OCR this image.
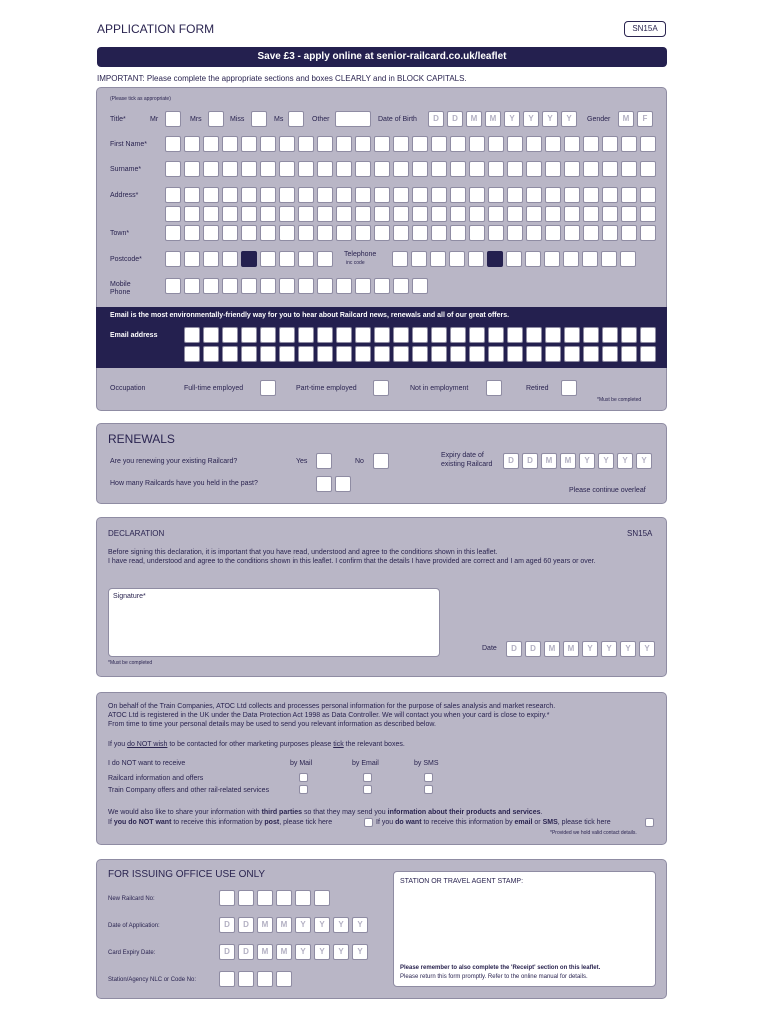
APPLICATION FORM	SN15A
Save £3 - apply online at senior-railcard.co.uk/leaflet
IMPORTANT: Please complete the appropriate sections and boxes CLEARLY and in BLOCK CAPITALS.
(Please tick as appropriate)
Title*	Mr	Mrs	Miss	Ms	Other	Date of Birth	D	D	M	M	Y	Y	Y	Y	Gender	M	F
First Name*
Surname*
Address*
Town*
Postcode*
Telephone
inc code
Mobile
Phone
Email is the most environmentally-friendly way for you to hear about Railcard news, renewals and all of our great offers.
Email address
Occupation	Full-time employed	Part-time employed	Not in employment	Retired
*Must be completed
RENEWALS
Are you renewing your existing Railcard?	Yes	No
Expiry date of
existing Railcard	D	D	M	M	Y	Y	Y	Y
How many Railcards have you held in the past?
Please continue overleaf
DECLARATION	SN15A
Before signing this declaration, it is important that you have read, understood and agree to the conditions shown in this leaflet.
I have read, understood and agree to the conditions shown in this leaflet. I confirm that the details I have provided are correct and I am aged 60 years or over.
Signature*
Date	D	D	M	M	Y	Y	Y	Y
*Must be completed
On behalf of the Train Companies, ATOC Ltd collects and processes personal information for the purpose of sales analysis and market research.
ATOC Ltd is registered in the UK under the Data Protection Act 1998 as Data Controller. We will contact you when your card is close to expiry.*
From time to time your personal details may be used to send you relevant information as described below.
If you do NOT wish to be contacted for other marketing purposes please tick the relevant boxes.
I do NOT want to receive	by Mail	by Email	by SMS
Railcard information and offers
Train Company offers and other rail-related services
We would also like to share your information with third parties so that they may send you information about their products and services.
If you do NOT want to receive this information by post, please tick here	If you do want to receive this information by email or SMS, please tick here
*Provided we hold valid contact details.
FOR ISSUING OFFICE USE ONLY
New Railcard No:
Date of Application:	D	D	M	M	Y	Y	Y	Y
Card Expiry Date:	D	D	M	M	Y	Y	Y	Y
Station/Agency NLC or Code No:
STATION OR TRAVEL AGENT STAMP:
Please remember to also complete the 'Receipt' section on this leaflet.
Please return this form promptly. Refer to the online manual for details.
